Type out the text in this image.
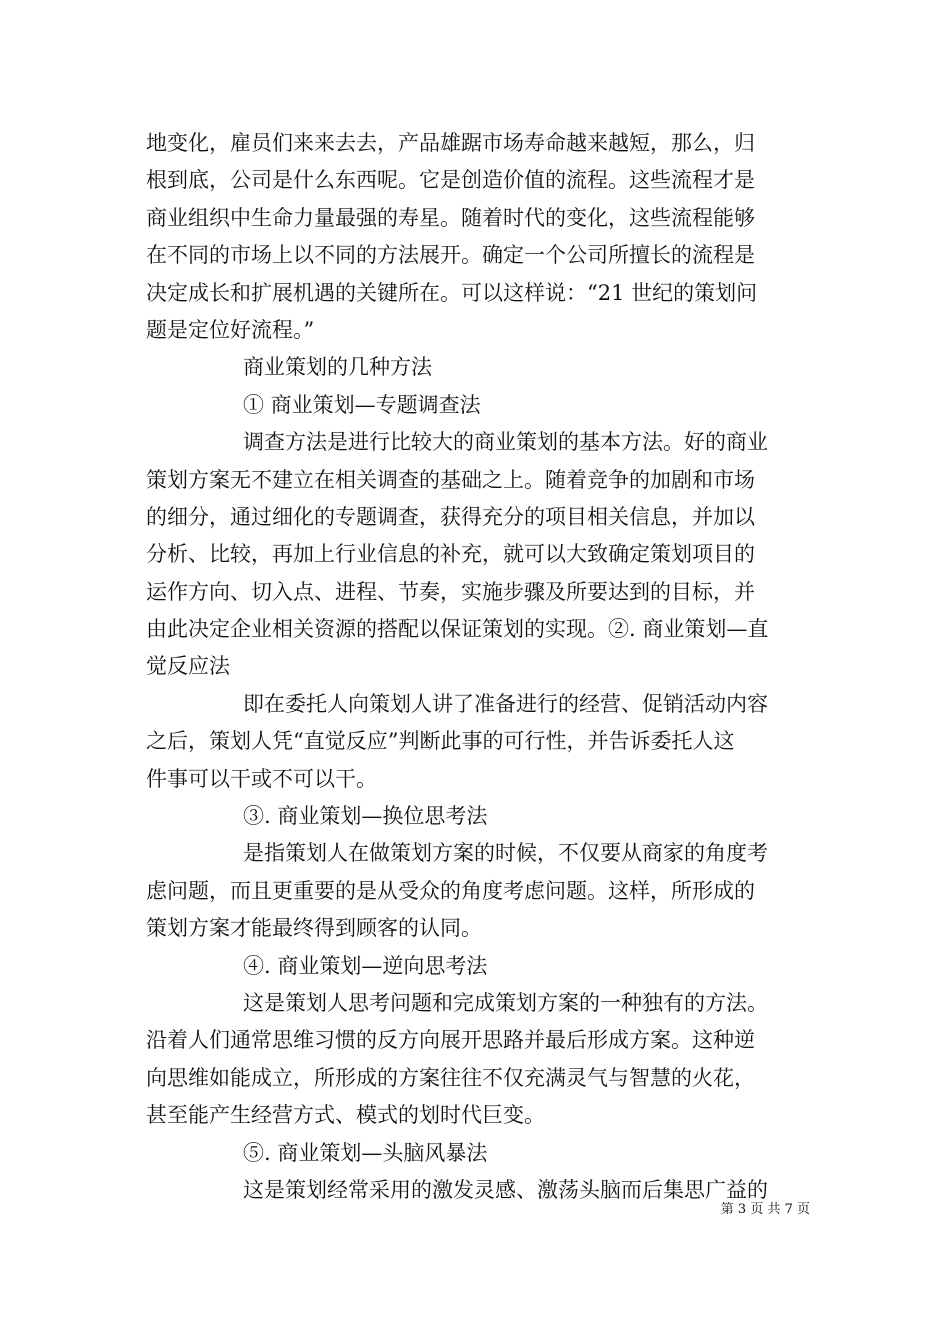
地变化，雇员们来来去去，产品雄踞市场寿命越来越短，那么，归
根到底，公司是什么东西呢。它是创造价值的流程。这些流程才是
商业组织中生命力量最强的寿星。随着时代的变化，这些流程能够
在不同的市场上以不同的方法展开。确定一个公司所擅长的流程是
决定成长和扩展机遇的关键所在。可以这样说：“21 世纪的策划问
题是定位好流程。”
商业策划的几种方法
① 商业策划—专题调查法
调查方法是进行比较大的商业策划的基本方法。好的商业
策划方案无不建立在相关调查的基础之上。随着竞争的加剧和市场
的细分，通过细化的专题调查，获得充分的项目相关信息，并加以
分析、比较，再加上行业信息的补充，就可以大致确定策划项目的
运作方向、切入点、进程、节奏，实施步骤及所要达到的目标，并
由此决定企业相关资源的搭配以保证策划的实现。②. 商业策划—直
觉反应法
即在委托人向策划人讲了准备进行的经营、促销活动内容
之后，策划人凭“直觉反应”判断此事的可行性，并告诉委托人这
件事可以干或不可以干。
③. 商业策划—换位思考法
是指策划人在做策划方案的时候，不仅要从商家的角度考
虑问题，而且更重要的是从受众的角度考虑问题。这样，所形成的
策划方案才能最终得到顾客的认同。
④. 商业策划—逆向思考法
这是策划人思考问题和完成策划方案的一种独有的方法。
沿着人们通常思维习惯的反方向展开思路并最后形成方案。这种逆
向思维如能成立，所形成的方案往往不仅充满灵气与智慧的火花，
甚至能产生经营方式、模式的划时代巨变。
⑤. 商业策划—头脑风暴法
这是策划经常采用的激发灵感、激荡头脑而后集思广益的
第 3 页 共 7 页
